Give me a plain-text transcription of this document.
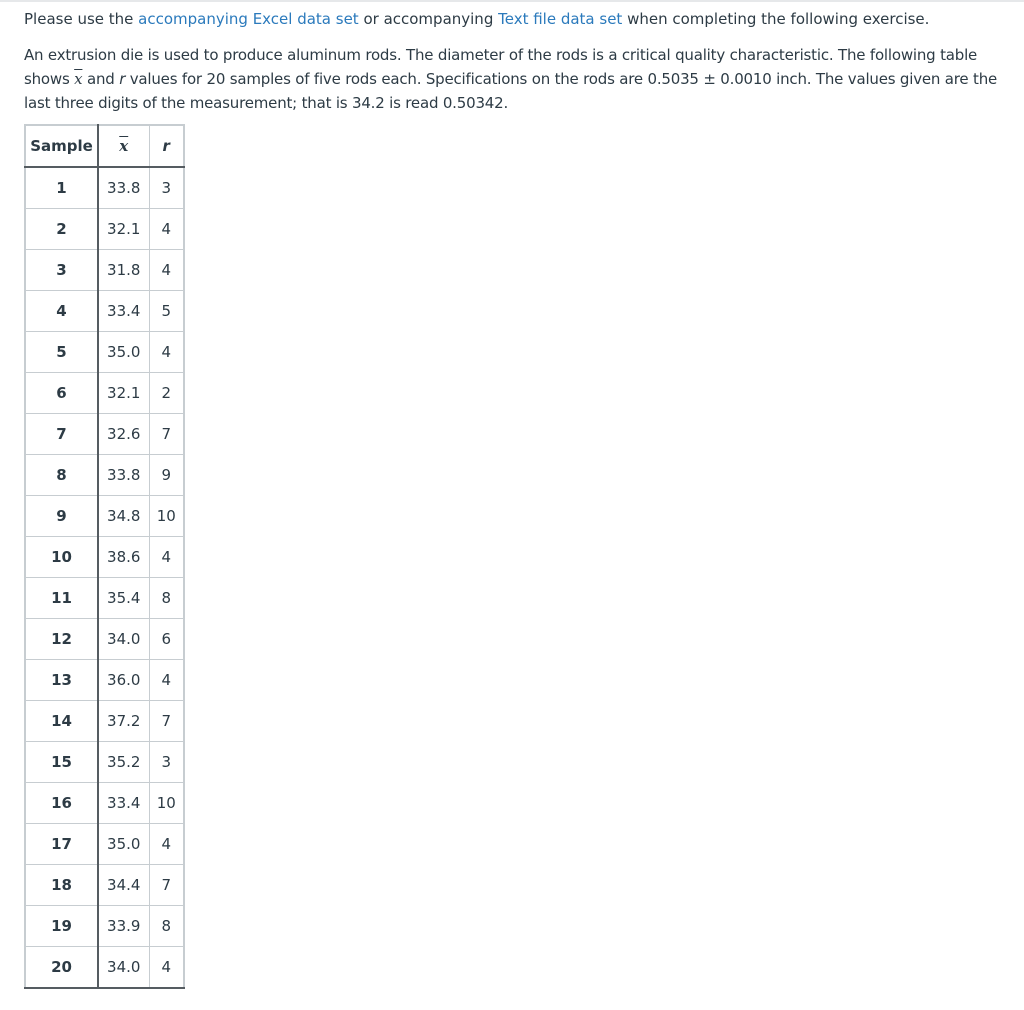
Please use the accompanying Excel data set or accompanying Text file data set when completing the following exercise.

An extrusion die is used to produce aluminum rods. The diameter of the rods is a critical quality characteristic. The following table shows $\overline{x}$ and r values for 20 samples of five rods each. Specifications on the rods are 0.5035 ± 0.0010 inch. The values given are the last three digits of the measurement; that is 34.2 is read 0.50342.

Sample	$\overline{x}$	r
1	33.8	3
2	32.1	4
3	31.8	4
4	33.4	5
5	35.0	4
6	32.1	2
7	32.6	7
8	33.8	9
9	34.8	10
10	38.6	4
11	35.4	8
12	34.0	6
13	36.0	4
14	37.2	7
15	35.2	3
16	33.4	10
17	35.0	4
18	34.4	7
19	33.9	8
20	34.0	4
